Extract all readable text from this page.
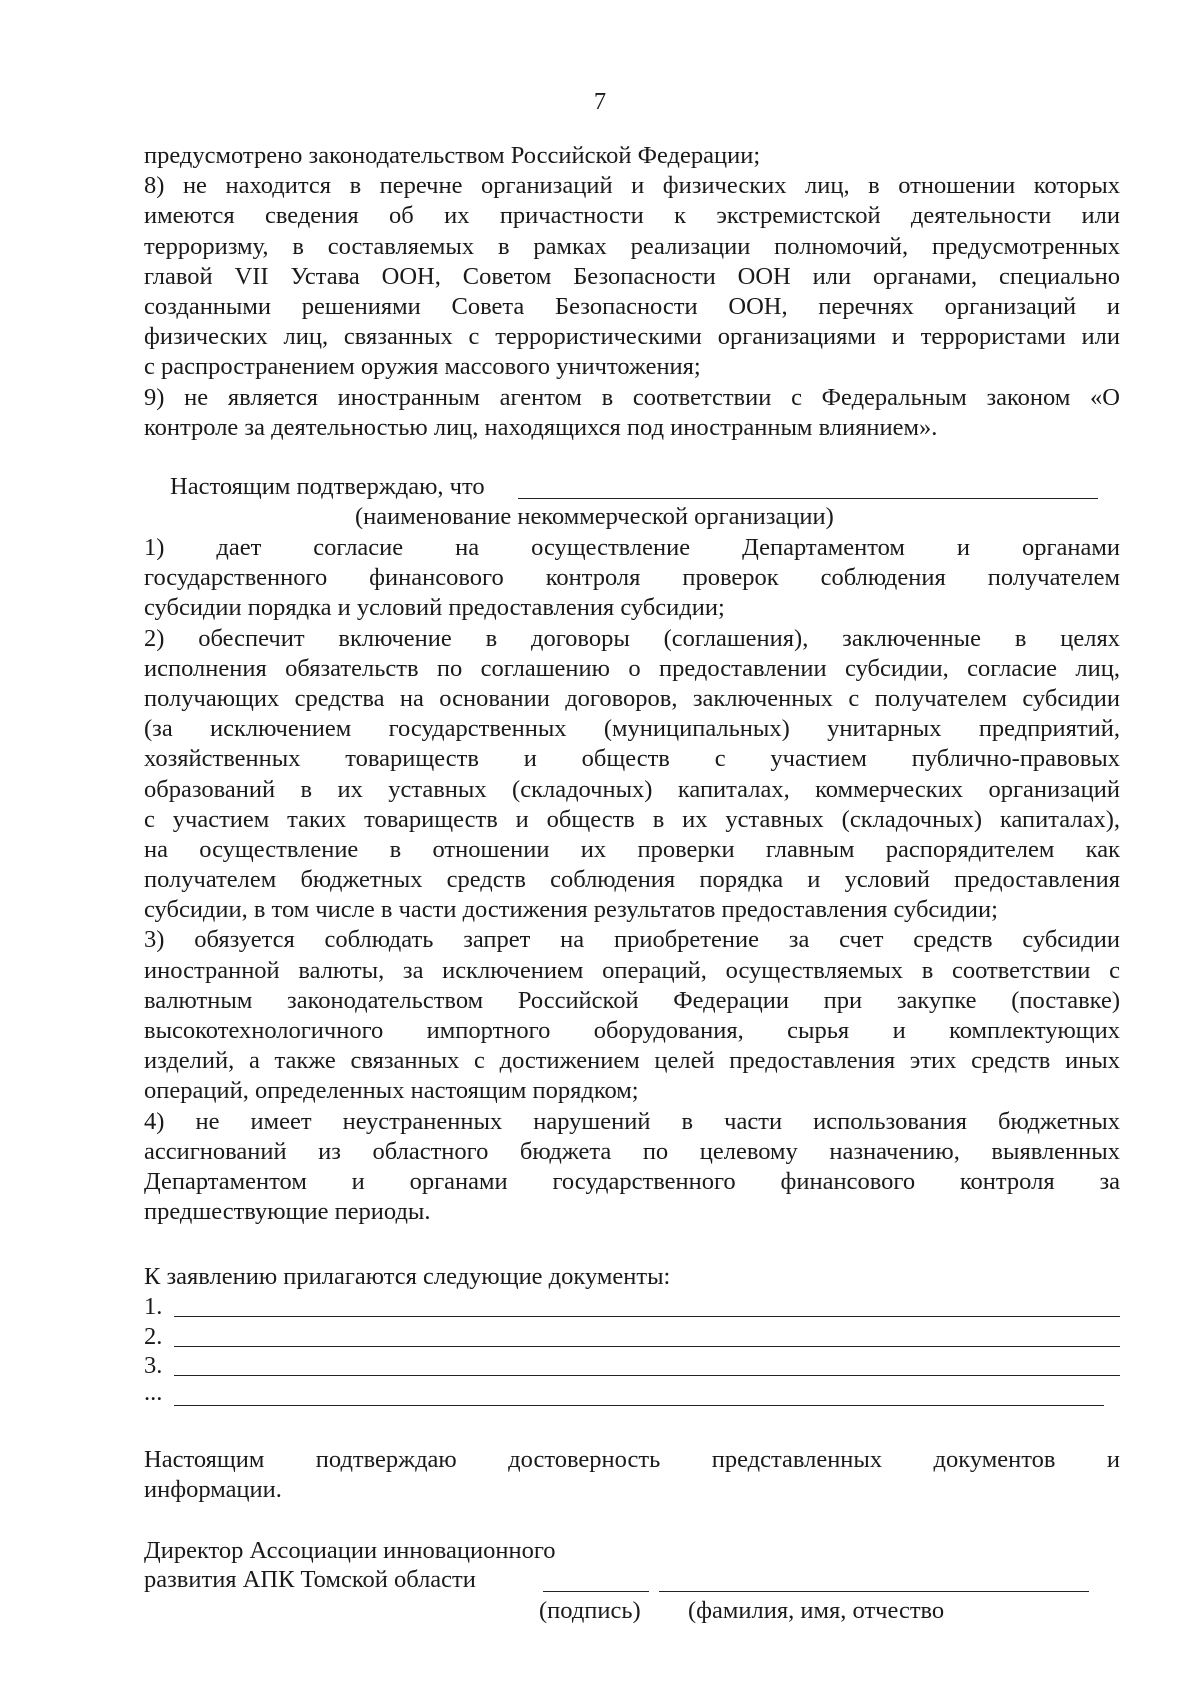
7
предусмотрено законодательством Российской Федерации;
8) не находится в перечне организаций и физических лиц, в отношении которых
имеются сведения об их причастности к экстремистской деятельности или
терроризму, в составляемых в рамках реализации полномочий, предусмотренных
главой VII Устава ООН, Советом Безопасности ООН или органами, специально
созданными решениями Совета Безопасности ООН, перечнях организаций и
физических лиц, связанных с террористическими организациями и террористами или
с распространением оружия массового уничтожения;
9) не является иностранным агентом в соответствии с Федеральным законом «О
контроле за деятельностью лиц, находящихся под иностранным влиянием».
Настоящим подтверждаю, что
(наименование некоммерческой организации)
1) дает согласие на осуществление Департаментом и органами
государственного финансового контроля проверок соблюдения получателем
субсидии порядка и условий предоставления субсидии;
2) обеспечит включение в договоры (соглашения), заключенные в целях
исполнения обязательств по соглашению о предоставлении субсидии, согласие лиц,
получающих средства на основании договоров, заключенных с получателем субсидии
(за исключением государственных (муниципальных) унитарных предприятий,
хозяйственных товариществ и обществ с участием публично-правовых
образований в их уставных (складочных) капиталах, коммерческих организаций
с участием таких товариществ и обществ в их уставных (складочных) капиталах),
на осуществление в отношении их проверки главным распорядителем как
получателем бюджетных средств соблюдения порядка и условий предоставления
субсидии, в том числе в части достижения результатов предоставления субсидии;
3) обязуется соблюдать запрет на приобретение за счет средств субсидии
иностранной валюты, за исключением операций, осуществляемых в соответствии с
валютным законодательством Российской Федерации при закупке (поставке)
высокотехнологичного импортного оборудования, сырья и комплектующих
изделий, а также связанных с достижением целей предоставления этих средств иных
операций, определенных настоящим порядком;
4) не имеет неустраненных нарушений в части использования бюджетных
ассигнований из областного бюджета по целевому назначению, выявленных
Департаментом и органами государственного финансового контроля за
предшествующие периоды.
К заявлению прилагаются следующие документы:
1.
2.
3.
...
Настоящим подтверждаю достоверность представленных документов и
информации.
Директор Ассоциации инновационного
развития АПК Томской области
(подпись) (фамилия, имя, отчество
